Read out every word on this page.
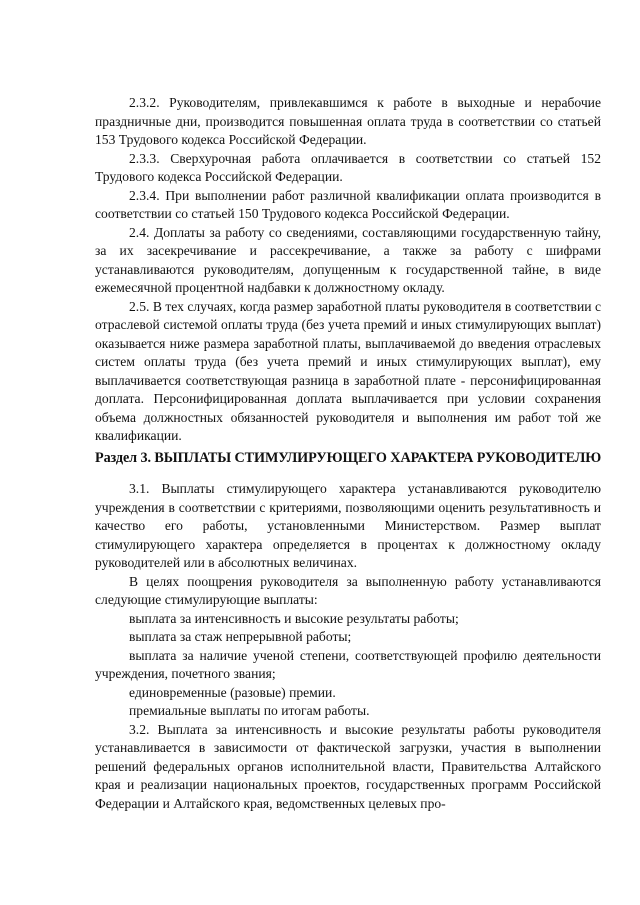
2.3.2. Руководителям, привлекавшимся к работе в выходные и нерабочие праздничные дни, производится повышенная оплата труда в соответствии со статьей 153 Трудового кодекса Российской Федерации.

2.3.3. Сверхурочная работа оплачивается в соответствии со статьей 152 Трудового кодекса Российской Федерации.

2.3.4. При выполнении работ различной квалификации оплата производится в соответствии со статьей 150 Трудового кодекса Российской Федерации.

2.4. Доплаты за работу со сведениями, составляющими государственную тайну, за их засекречивание и рассекречивание, а также за работу с шифрами устанавливаются руководителям, допущенным к государственной тайне, в виде ежемесячной процентной надбавки к должностному окладу.

2.5. В тех случаях, когда размер заработной платы руководителя в соответствии с отраслевой системой оплаты труда (без учета премий и иных стимулирующих выплат) оказывается ниже размера заработной платы, выплачиваемой до введения отраслевых систем оплаты труда (без учета премий и иных стимулирующих выплат), ему выплачивается соответствующая разница в заработной плате - персонифицированная доплата. Персонифицированная доплата выплачивается при условии сохранения объема должностных обязанностей руководителя и выполнения им работ той же квалификации.

Раздел 3. ВЫПЛАТЫ СТИМУЛИРУЮЩЕГО ХАРАКТЕРА РУКОВОДИТЕЛЮ

3.1. Выплаты стимулирующего характера устанавливаются руководителю учреждения в соответствии с критериями, позволяющими оценить результативность и качество его работы, установленными Министерством. Размер выплат стимулирующего характера определяется в процентах к должностному окладу руководителей или в абсолютных величинах.

В целях поощрения руководителя за выполненную работу устанавливаются следующие стимулирующие выплаты:

выплата за интенсивность и высокие результаты работы;

выплата за стаж непрерывной работы;

выплата за наличие ученой степени, соответствующей профилю деятельности учреждения, почетного звания;

единовременные (разовые) премии.

премиальные выплаты по итогам работы.

3.2. Выплата за интенсивность и высокие результаты работы руководителя устанавливается в зависимости от фактической загрузки, участия в выполнении решений федеральных органов исполнительной власти, Правительства Алтайского края и реализации национальных проектов, государственных программ Российской Федерации и Алтайского края, ведомственных целевых про-
